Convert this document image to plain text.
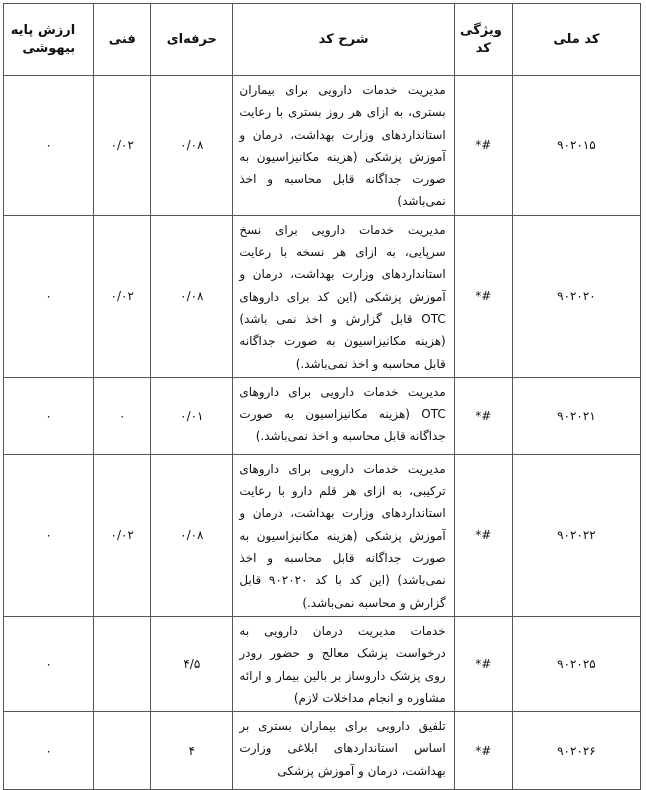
کد ملی	ویژگی کد	شرح کد	حرفه‌ای	فنی	ارزش پایه بیهوشی

۹۰۲۰۱۵	#*	مدیریت خدمات دارویی برای بیماران بستری، به ازای هر روز بستری با رعایت استانداردهای وزارت بهداشت، درمان و آموزش پزشکی (هزینه مکانیزاسیون به صورت جداگانه قابل محاسبه و اخذ نمی‌باشد)	۰/۰۸	۰/۰۲	۰
۹۰۲۰۲۰	#*	مدیریت خدمات دارویی برای نسخ سرپایی، به ازای هر نسخه با رعایت استانداردهای وزارت بهداشت، درمان و آموزش پزشکی (این کد برای داروهای OTC قابل گزارش و اخذ نمی باشد) (هزینه مکانیزاسیون به صورت جداگانه قابل محاسبه و اخذ نمی‌باشد.)	۰/۰۸	۰/۰۲	۰
۹۰۲۰۲۱	#*	مدیریت خدمات دارویی برای داروهای OTC (هزینه مکانیزاسیون به صورت جداگانه قابل محاسبه و اخذ نمی‌باشد.)	۰/۰۱	۰	۰
۹۰۲۰۲۲	#*	مدیریت خدمات دارویی برای داروهای ترکیبی، به ازای هر قلم دارو با رعایت استانداردهای وزارت بهداشت، درمان و آموزش پزشکی (هزینه مکانیزاسیون به صورت جداگانه قابل محاسبه و اخذ نمی‌باشد) (این کد با کد ۹۰۲۰۲۰ قابل گزارش و محاسبه نمی‌باشد.)	۰/۰۸	۰/۰۲	۰
۹۰۲۰۲۵	#*	خدمات مدیریت درمان دارویی به درخواست پزشک معالج و حضور رودر روی پزشک داروساز بر بالین بیمار و ارائه مشاوره و انجام مداخلات لازم)	۴/۵		۰
۹۰۲۰۲۶	#*	تلفیق دارویی برای بیماران بستری بر اساس استانداردهای ابلاغی وزارت بهداشت، درمان و آموزش پزشکی	۴		۰
